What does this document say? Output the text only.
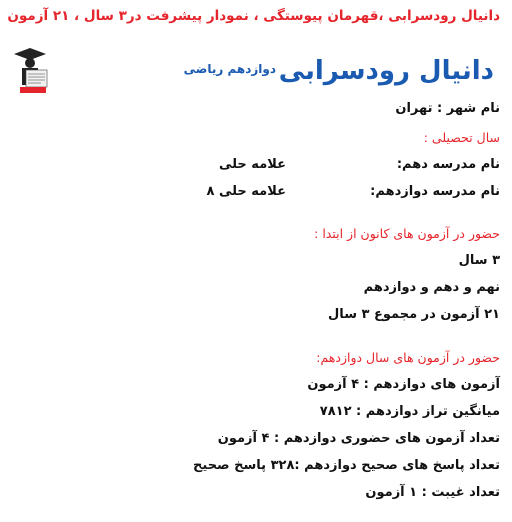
دانیال رودسرابی ،قهرمان پیوستگی ، نمودار پیشرفت در۳ سال ، ۲۱ آزمون
دانیال رودسرابی
دوازدهم ریاضی
نام شهر : تهران
سال تحصیلی :
نام مدرسه دهم:
علامه حلی
نام مدرسه دوازدهم:
علامه حلی ۸
حضور در آزمون های کانون از ابتدا :
۳ سال
نهم و دهم و دوازدهم
۲۱ آزمون در مجموع ۳ سال
حضور در آزمون های سال دوازدهم:
آزمون های دوازدهم : ۴ آزمون
میانگین تراز دوازدهم : ۷۸۱۲
تعداد آزمون های حضوری دوازدهم : ۴ آزمون
تعداد پاسخ های صحیح دوازدهم :۳۲۸ پاسخ صحیح
تعداد غیبت : ۱ آزمون
